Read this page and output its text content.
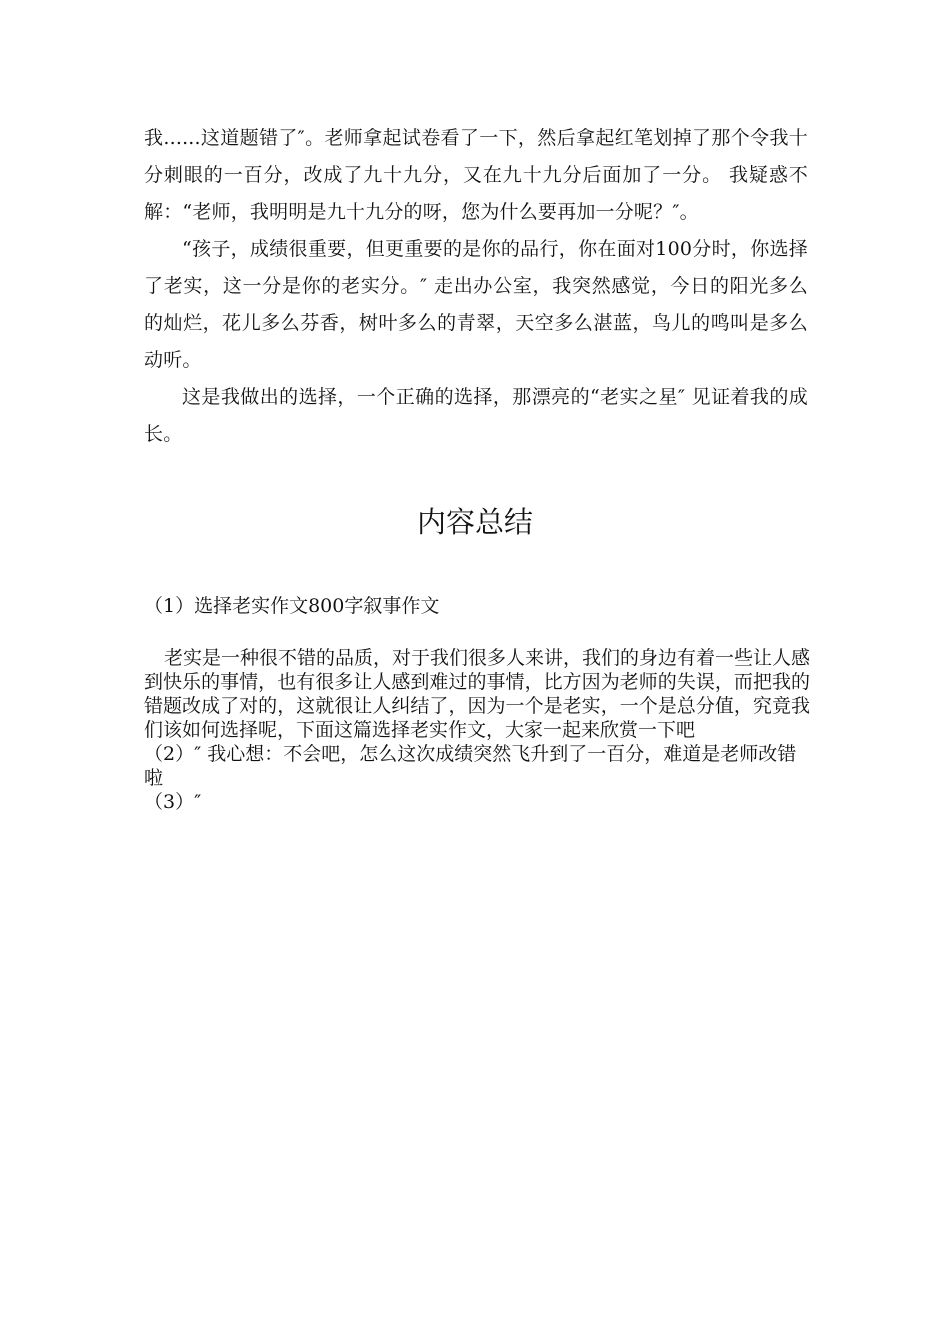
我......这道题错了″。老师拿起试卷看了一下，然后拿起红笔划掉了那个令我十分刺眼的一百分，改成了九十九分，又在九十九分后面加了一分。 我疑惑不解：“老师，我明明是九十九分的呀，您为什么要再加一分呢？″。

“孩子，成绩很重要，但更重要的是你的品行，你在面对100分时，你选择了老实，这一分是你的老实分。″ 走出办公室，我突然感觉，今日的阳光多么的灿烂，花儿多么芬香，树叶多么的青翠，天空多么湛蓝，鸟儿的鸣叫是多么动听。

这是我做出的选择，一个正确的选择，那漂亮的“老实之星″ 见证着我的成长。

内容总结

（1）选择老实作文800字叙事作文

老实是一种很不错的品质，对于我们很多人来讲，我们的身边有着一些让人感到快乐的事情，也有很多让人感到难过的事情，比方因为老师的失误，而把我的错题改成了对的，这就很让人纠结了，因为一个是老实，一个是总分值，究竟我们该如何选择呢，下面这篇选择老实作文，大家一起来欣赏一下吧

（2）″ 我心想：不会吧，怎么这次成绩突然飞升到了一百分，难道是老师改错啦

（3）″
